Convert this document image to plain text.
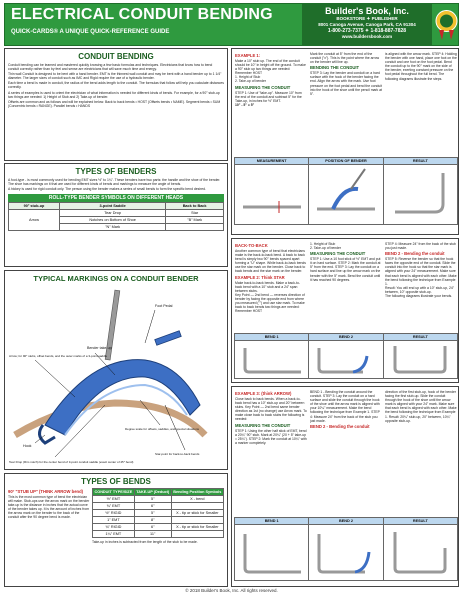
ELECTRICAL CONDUIT BENDING
QUICK-CARDS® A UNIQUE QUICK-REFERENCE GUIDE
Builder's Book, Inc.
BOOKSTORE ✦ PUBLISHER
8001 Canoga Avenue, Canoga Park, CA 91304
1-800-273-7375 ✦ 1-818-887-7828
www.buildersbook.com
CONDUIT BENDING

Conduit bending can be learned and mastered quickly knowing a few basic formulas and techniques. Electricians that know how to bend conduit correctly rather than by feel and sense are electricians that will save much time and energy.

Thin wall Conduit is designed to be bent with a hand bender. EMT is the thinnest wall conduit and may be bent with a hand bender up to 1 1/4" diameter. The larger sizes of conduit such as IMC and Rigid require the use of a hydraulic bender.

Each time a bend is made in conduit, the radius of the bend adds length to the conduit. The formulas that follow will help you calculate distances correctly.

A series of examples is used to orient the electrician of what information is needed for different kinds of bends. For example, for a 90° stub-up two things are needed: 1) Height of Stub and 2) Take-up of bender.

Offsets are common and as follows and will be explained below: Back to back bends • HOST (Offsets bends • NAME). Segment bends • SUM (Concentric bends • RANGE). Parallel bends • HANDS

TYPES OF BENDERS

A foot-type - is most commonly used for bending EMT sizes ½" to 1¼". These benders have two parts: the handle and the shoe of the bender. The shoe has markings on it that are used for different kinds of bends and markings to measure the angle of bends.

A hickey is used for rigid conduit only. The person using the bender makes a series of small bends to form the specific bend desired.

ROLL-TYPE BENDER SYMBOLS ON DIFFERENT HEADS
90° stub-up	3-point Saddle	Back to Back
Arrow	Tear Drop	Star
	Notches on Bottom of Shoe	"B" Mark
	"N" Mark	
TYPICAL MARKINGS ON A CONDUIT BENDER
Foot Pedal
Bender take-up
Arrow; for 90° stubs, offset bends, and the outer marks of a 3-point saddle
Hook
Tear Drop (Rim notch) for the center bend of 3-point conduit saddle (exact center of 45° bend)
Degree scale for offsets, saddles, and special situations
Star-point for back-to-back bends
TYPES OF BENDS
90° "STUB UP" (THINK ARROW bend)
This is the most common type of bend the electrician will make. Stub-ups use the arrow mark on the bender take-up is the distance in inches that the actual curve of the bender takes up. It is the amount of inches from the arrow mark on the bender to the back of the conduit after the 90 degree bend is made.
CONDUIT TYPE/SIZE	TAKE-UP (Deduct)	Bending Position Symbols
½" EMT	5"	X - bend
¾" EMT	6"	
½" RIGID	5"	X - tip or stick for Smaller
1" EMT	8"	
¾" RIGID	6"	X - tip or stick for Smaller
1¼" EMT	11"	
Take-up in inches is subtracted from the length of the stub to be made.
EXAMPLE 1:
Make a 10" stub up. The end of the conduit should be 10" in height off the ground. To make a 90° stub up two things are needed: Remember HOST
1. Height of Stub
2. Take-up of bender
MEASURING THE CONDUIT
STEP 1: Use of "take-up". Measure 10" from the end of the conduit and subtract 5" for the Take-up, in inches for ½" EMT.
10" - 5" = 5"
Mark the conduit at 5" from the end of the conduit ("x"). This is the point where the arrow on the bender will line up.
BENDING THE CONDUIT
STEP 3: Lay the bender and conduit on a hard surface with the hook of the bender facing the end. Align the arrow with the mark. Use foot pressure on the foot pedal and bend the conduit into the hook of the shoe until the pencil mark at 5".
is aligned with the arrow mark. STEP 4: Holding the bender with one hand, place one foot on the conduit and one foot on the foot pedal. Bend the conduit up to the 90° mark on the side of the bender, exerting constant pressure on the foot pedal throughout the full bend. The following diagrams illustrate the steps.
MEASUREMENT	POSITION OF BENDER	RESULT

BACK-TO-BACK
Another common type of bend that electricians make is the back-to-back bend. A back to back bend is simply two 90° bends spaced apart forming a "U" shape. While back-to-back bends use the star mark on the bender. Close back to back bends and the star mark on the bender.
EXAMPLE 2: Think STAR
Make back-to-back bends. Make a back-to-back bend with a 10" stub and a 24" span between stubs.
Key Point — 2nd bend — reverses direction of bender by facing the opposite end from where you measured ("") and use star mark. To make back to back bends two things are needed: Remember HOST
1. Height of Stub
2. Take-up of bender
MEASURING THE CONDUIT
STEP 1: Use a 10 foot stick of ½" EMT and put it on hard surface. STEP 2: Mark the conduit at 5" from the end. STEP 3: Lay the conduit on a hard surface and line up the arrow mark on the bender with the 5" mark. Bend the conduit until it has reached 90 degrees.
STEP 4: Measure 24" from the back of the stub you just made.
BEND 2 - Bending the conduit
STEP 5: Reverse the bender so that the hook faces the opposite end of the conduit. Slide the conduit into the hook so that the star mark is aligned with your 24" measurement. Make sure that each bend is aligned with each other. Make the bend following the technique from Example 1.
Result: You will end up with a 10" stub-up, 24" between, 10" opposite stub-up.
The following diagrams illustrate your bends.
BEND 1	BEND 2	RESULT

EXAMPLE 3: (think ARROW)
Close back to back bends. When a back-to-back bend has a 10" stub-up and 20" between stubs. Key Point — 2nd bend same bender direction as 1st (no change) use Arrow mark. To make close back to back stubs the following is needed:
MEASURING THE CONDUIT
STEP 1: Using the other half stick of EMT, bend a 20¼" 90° stub. Mark at 20¼" (20 + 5" take-up = 25¼"). STEP 2: Mark the conduit at 10¼" with a marker completely.
BEND 1 - Bending the conduit around the conduit. STEP 3: Lay the conduit on a hard surface and slide the conduit through the hook of the shoe until the arrow mark is aligned with your 10¼" measurement. Make the bend following the technique from Example 1. STEP 4: Measure 24" from the back of the stub you just made.
BEND 2 - Bending the conduit
direction of the first stub-up, hook of the bender facing the first stub-up. Slide the conduit through the hook of the shoe until the arrow mark is aligned with your 24" mark. Make sure that each bend is aligned with each other. Make the bend following the technique from Example 1. Result: 20¼" stub-up, 20" between, 10¼" opposite stub-up.
BEND 1	BEND 2	RESULT

© 2018 Builder's Book, Inc. All rights reserved.
